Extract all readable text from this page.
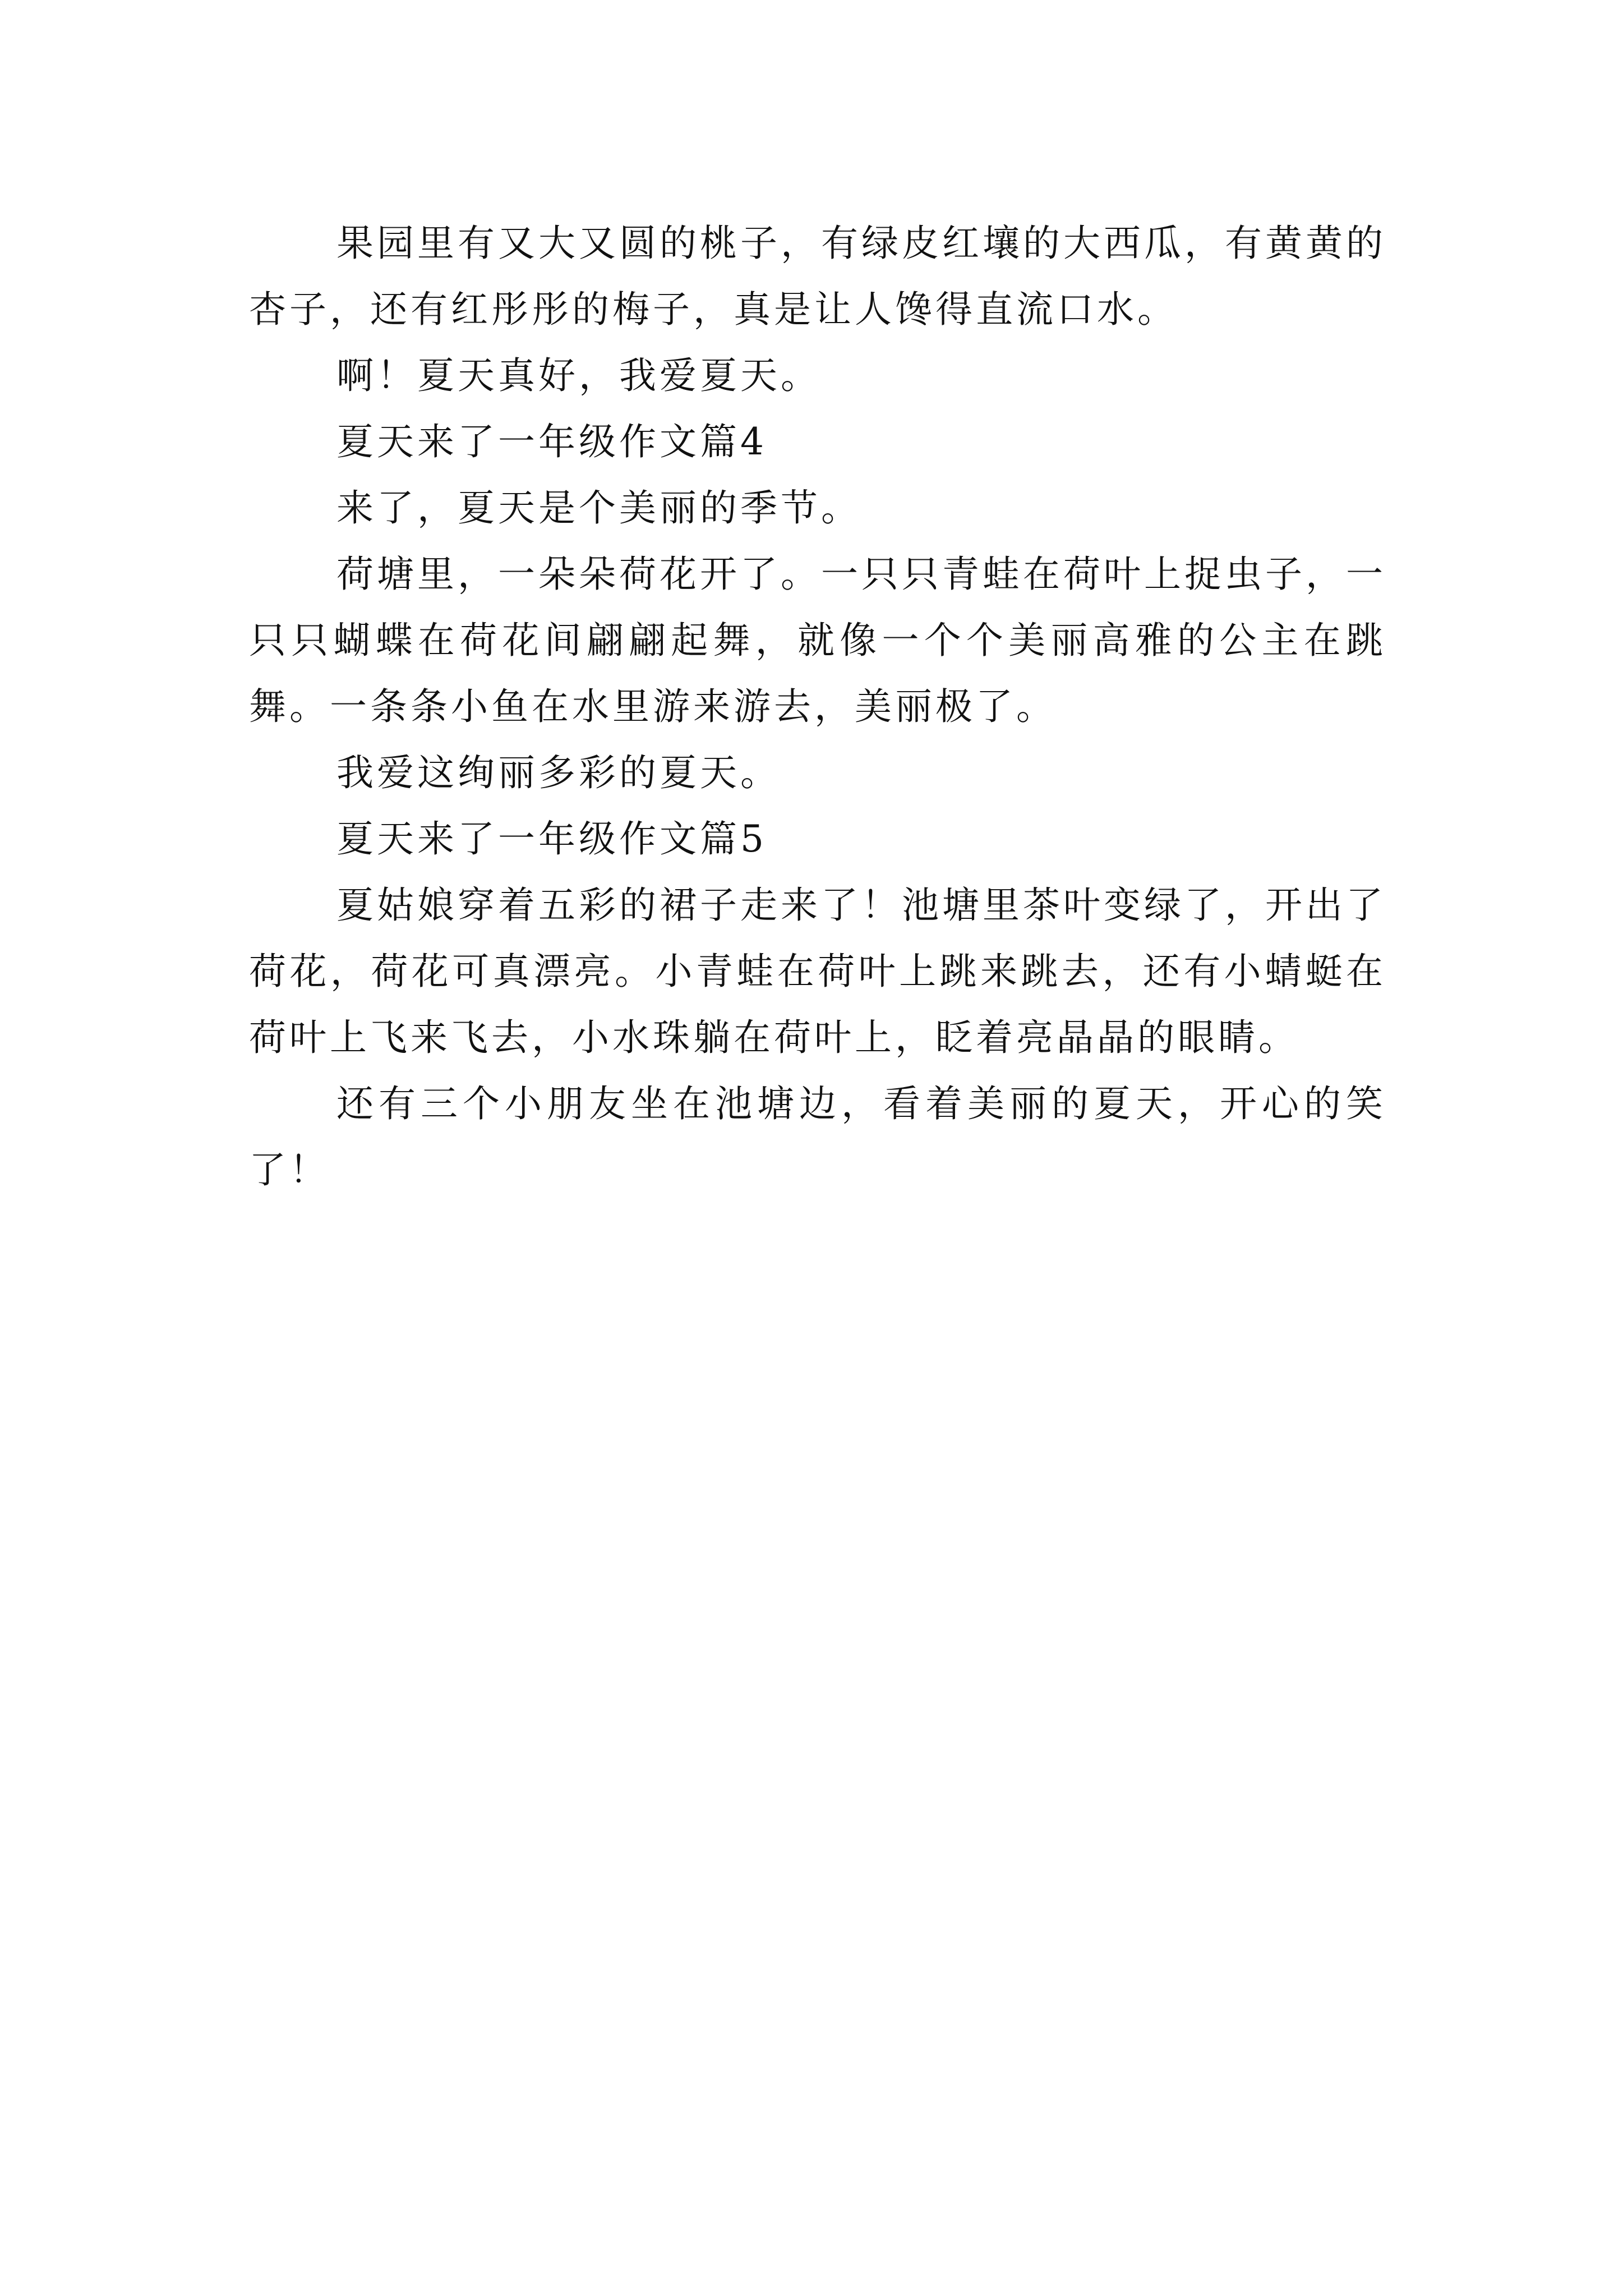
果园里有又大又圆的桃子，有绿皮红壤的大西瓜，有黄黄的杏子，还有红彤彤的梅子，真是让人馋得直流口水。

啊！夏天真好，我爱夏天。

夏天来了一年级作文篇4

来了，夏天是个美丽的季节。

荷塘里，一朵朵荷花开了。一只只青蛙在荷叶上捉虫子，一只只蝴蝶在荷花间翩翩起舞，就像一个个美丽高雅的公主在跳舞。一条条小鱼在水里游来游去，美丽极了。

我爱这绚丽多彩的夏天。

夏天来了一年级作文篇5

夏姑娘穿着五彩的裙子走来了！池塘里茶叶变绿了，开出了荷花，荷花可真漂亮。小青蛙在荷叶上跳来跳去，还有小蜻蜓在荷叶上飞来飞去，小水珠躺在荷叶上，眨着亮晶晶的眼睛。

还有三个小朋友坐在池塘边，看着美丽的夏天，开心的笑了！
